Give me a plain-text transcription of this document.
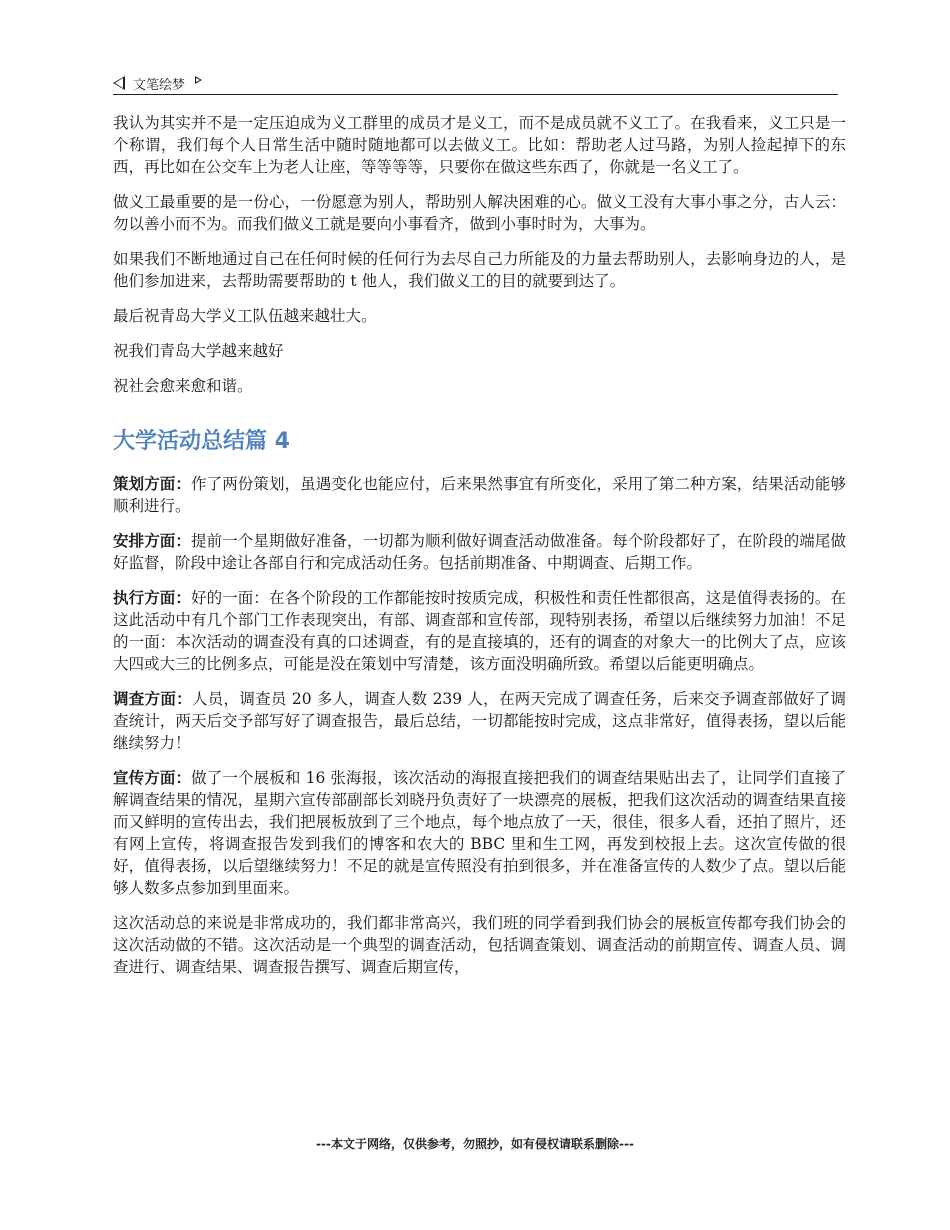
文笔绘梦

我认为其实并不是一定压迫成为义工群里的成员才是义工，而不是成员就不义工了。在我看来，义工只是一个称谓，我们每个人日常生活中随时随地都可以去做义工。比如：帮助老人过马路，为别人捡起掉下的东西，再比如在公交车上为老人让座，等等等等，只要你在做这些东西了，你就是一名义工了。

做义工最重要的是一份心，一份愿意为别人，帮助别人解决困难的心。做义工没有大事小事之分，古人云：勿以善小而不为。而我们做义工就是要向小事看齐，做到小事时时为，大事为。

如果我们不断地通过自己在任何时候的任何行为去尽自己力所能及的力量去帮助别人，去影响身边的人，是他们参加进来，去帮助需要帮助的 t 他人，我们做义工的目的就要到达了。

最后祝青岛大学义工队伍越来越壮大。

祝我们青岛大学越来越好

祝社会愈来愈和谐。

大学活动总结篇 4

策划方面：作了两份策划，虽遇变化也能应付，后来果然事宜有所变化，采用了第二种方案，结果活动能够顺利进行。

安排方面：提前一个星期做好准备，一切都为顺利做好调查活动做准备。每个阶段都好了，在阶段的端尾做好监督，阶段中途让各部自行和完成活动任务。包括前期准备、中期调查、后期工作。

执行方面：好的一面：在各个阶段的工作都能按时按质完成，积极性和责任性都很高，这是值得表扬的。在这此活动中有几个部门工作表现突出，有部、调查部和宣传部，现特别表扬，希望以后继续努力加油！不足的一面：本次活动的调查没有真的口述调查，有的是直接填的，还有的调查的对象大一的比例大了点，应该大四或大三的比例多点，可能是没在策划中写清楚，该方面没明确所致。希望以后能更明确点。

调查方面：人员，调查员 20 多人，调查人数 239 人，在两天完成了调查任务，后来交予调查部做好了调查统计，两天后交予部写好了调查报告，最后总结，一切都能按时完成，这点非常好，值得表扬，望以后能继续努力！

宣传方面：做了一个展板和 16 张海报，该次活动的海报直接把我们的调查结果贴出去了，让同学们直接了解调查结果的情况，星期六宣传部副部长刘晓丹负责好了一块漂亮的展板，把我们这次活动的调查结果直接而又鲜明的宣传出去，我们把展板放到了三个地点，每个地点放了一天，很佳，很多人看，还拍了照片，还有网上宣传，将调查报告发到我们的博客和农大的 BBC 里和生工网，再发到校报上去。这次宣传做的很好，值得表扬，以后望继续努力！不足的就是宣传照没有拍到很多，并在准备宣传的人数少了点。望以后能够人数多点参加到里面来。

这次活动总的来说是非常成功的，我们都非常高兴，我们班的同学看到我们协会的展板宣传都夸我们协会的这次活动做的不错。这次活动是一个典型的调查活动，包括调查策划、调查活动的前期宣传、调查人员、调查进行、调查结果、调查报告撰写、调查后期宣传，

---本文于网络，仅供参考，勿照抄，如有侵权请联系删除---
